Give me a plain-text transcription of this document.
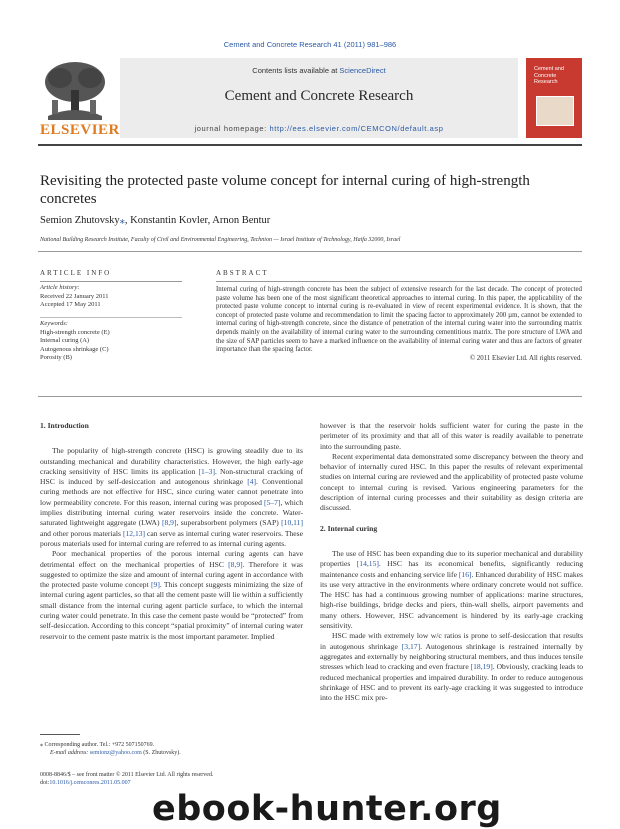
Cement and Concrete Research 41 (2011) 981–986
ELSEVIER
Contents lists available at ScienceDirect
Cement and Concrete Research
journal homepage: http://ees.elsevier.com/CEMCON/default.asp
Cement and Concrete Research
Revisiting the protected paste volume concept for internal curing of high-strength concretes
Semion Zhutovsky⁎, Konstantin Kovler, Arnon Bentur
National Building Research Institute, Faculty of Civil and Environmental Engineering, Technion — Israel Institute of Technology, Haifa 32000, Israel
ARTICLE INFO
Article history:
Received 22 January 2011
Accepted 17 May 2011
Keywords:
High-strength concrete (E)
Internal curing (A)
Autogenous shrinkage (C)
Porosity (B)
ABSTRACT
Internal curing of high-strength concrete has been the subject of extensive research for the last decade. The concept of protected paste volume has been one of the most significant theoretical approaches to internal curing. In this paper, the applicability of the protected paste volume concept to internal curing is re-evaluated in view of recent experimental evidence. It is shown, that the concept of protected paste volume and recommendation to limit the spacing factor to approximately 200 µm, cannot be extended to internal curing of high-strength concrete, since the distance of penetration of the internal curing water into the surrounding matrix depends mainly on the availability of internal curing water to the surrounding cementitious matrix. The pore structure of LWA and the size of SAP particles seem to have a marked influence on the availability of internal curing water and thus are factors of greater importance than the spacing factor.
© 2011 Elsevier Ltd. All rights reserved.
1. Introduction

The popularity of high-strength concrete (HSC) is growing steadily due to its outstanding mechanical and durability characteristics. However, the high early-age cracking sensitivity of HSC limits its application [1–3]. Non-structural cracking of HSC is induced by self-desiccation and autogenous shrinkage [4]. Conventional curing methods are not effective for HSC, since curing water cannot penetrate into low permeability concrete. For this reason, internal curing was proposed [5–7], which implies distributing internal curing water reservoirs inside the concrete. Water-saturated lightweight aggregate (LWA) [8,9], superabsorbent polymers (SAP) [10,11] and other porous materials [12,13] can serve as internal curing water reservoirs. These porous materials used for internal curing are referred to as internal curing agents.

Poor mechanical properties of the porous internal curing agents can have detrimental effect on the mechanical properties of HSC [8,9]. Therefore it was suggested to optimize the size and amount of internal curing agent in accordance with the protected paste volume concept [9]. This concept suggests minimizing the size of internal curing agent particles, so that all the cement paste will lie within a sufficiently small distance from the internal curing agent particle surface, to which the internal curing water could penetrate. In this case the cement paste would be “protected” from self-desiccation. According to this concept “spatial proximity” of internal curing water reservoir to the cement paste matrix is the most important parameter. Implied

however is that the reservoir holds sufficient water for curing the paste in the perimeter of its proximity and that all of this water is readily available to penetrate into the surrounding paste.

Recent experimental data demonstrated some discrepancy between the theory and behavior of internally cured HSC. In this paper the results of relevant experimental studies on internal curing are reviewed and the applicability of protected paste volume concept to internal curing is revised. Various engineering parameters for the description of internal curing processes and their suitability as design criteria are discussed.

2. Internal curing

The use of HSC has been expanding due to its superior mechanical and durability properties [14,15]. HSC has its economical benefits, significantly reducing maintenance costs and enhancing service life [16]. Enhanced durability of HSC makes its use very attractive in the environments where ordinary concrete would not suffice. The HSC has had a continuous growing number of applications: marine structures, high-rise buildings, bridge decks and piers, thin-wall shells, airport pavements and many others. However, HSC advancement is hindered by its early-age cracking sensitivity.

HSC made with extremely low w/c ratios is prone to self-desiccation that results in autogenous shrinkage [3,17]. Autogenous shrinkage is restrained internally by aggregates and externally by neighboring structural members, and thus induces tensile stresses which lead to cracking and even fracture [18,19]. Obviously, cracking leads to reduced mechanical properties and impaired durability. In order to reduce autogenous shrinkage of HSC and to prevent its early-age cracking it was suggested to introduce into the HSC mix pre-

⁎ Corresponding author. Tel.: +972 507150769.
E-mail address: semionz@yahoo.com (S. Zhutovsky).
0008-8846/$ – see front matter © 2011 Elsevier Ltd. All rights reserved.
doi:10.1016/j.cemconres.2011.05.007
ebook-hunter.org
